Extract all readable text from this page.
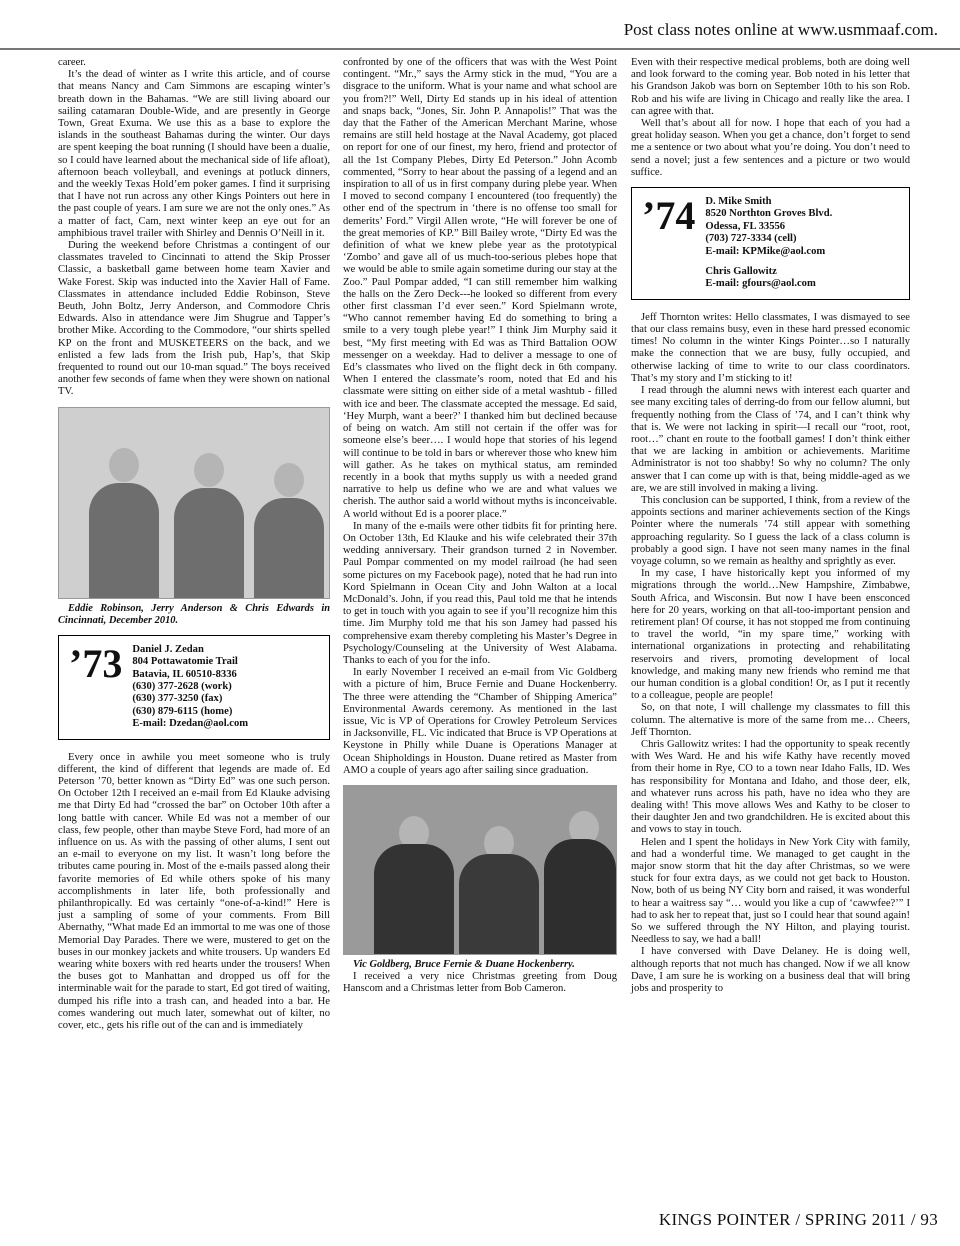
Post class notes online at www.usmmaaf.com.

career.

It’s the dead of winter as I write this article, and of course that means Nancy and Cam Simmons are escaping winter’s breath down in the Bahamas. “We are still living aboard our sailing catamaran Double-Wide, and are presently in George Town, Great Exuma. We use this as a base to explore the islands in the southeast Bahamas during the winter. Our days are spent keeping the boat running (I should have been a dualie, so I could have learned about the mechanical side of life afloat), afternoon beach volleyball, and evenings at potluck dinners, and the weekly Texas Hold’em poker games. I find it surprising that I have not run across any other Kings Pointers out here in the past couple of years. I am sure we are not the only ones.” As a matter of fact, Cam, next winter keep an eye out for an amphibious travel trailer with Shirley and Dennis O’Neill in it.

During the weekend before Christmas a contingent of our classmates traveled to Cincinnati to attend the Skip Prosser Classic, a basketball game between home team Xavier and Wake Forest. Skip was inducted into the Xavier Hall of Fame. Classmates in attendance included Eddie Robinson, Steve Beuth, John Boltz, Jerry Anderson, and Commodore Chris Edwards. Also in attendance were Jim Shugrue and Tapper’s brother Mike. According to the Commodore, “our shirts spelled KP on the front and MUSKETEERS on the back, and we enlisted a few lads from the Irish pub, Hap’s, that Skip frequented to round out our 10-man squad.” The boys received another few seconds of fame when they were shown on national TV.

Eddie Robinson, Jerry Anderson & Chris Edwards in Cincinnati, December 2010.

’73 Daniel J. Zedan
804 Pottawatomie Trail
Batavia, IL 60510-8336
(630) 377-2628 (work)
(630) 377-3250 (fax)
(630) 879-6115 (home)
E-mail: Dzedan@aol.com

Every once in awhile you meet someone who is truly different, the kind of different that legends are made of. Ed Peterson ’70, better known as “Dirty Ed” was one such person. On October 12th I received an e-mail from Ed Klauke advising me that Dirty Ed had “crossed the bar” on October 10th after a long battle with cancer. While Ed was not a member of our class, few people, other than maybe Steve Ford, had more of an influence on us. As with the passing of other alums, I sent out an e-mail to everyone on my list. It wasn’t long before the tributes came pouring in. Most of the e-mails passed along their favorite memories of Ed while others spoke of his many accomplishments in later life, both professionally and philanthropically. Ed was certainly “one-of-a-kind!” Here is just a sampling of some of your comments. From Bill Abernathy, “What made Ed an immortal to me was one of those Memorial Day Parades. There we were, mustered to get on the buses in our monkey jackets and white trousers. Up wanders Ed wearing white boxers with red hearts under the trousers! When the buses got to Manhattan and dropped us off for the interminable wait for the parade to start, Ed got tired of waiting, dumped his rifle into a trash can, and headed into a bar. He comes wandering out much later, somewhat out of kilter, no cover, etc., gets his rifle out of the can and is immediately

confronted by one of the officers that was with the West Point contingent. “Mr.,” says the Army stick in the mud, “You are a disgrace to the uniform. What is your name and what school are you from?!” Well, Dirty Ed stands up in his ideal of attention and snaps back, “Jones, Sir. John P. Annapolis!” That was the day that the Father of the American Merchant Marine, whose remains are still held hostage at the Naval Academy, got placed on report for one of our finest, my hero, friend and protector of all the 1st Company Plebes, Dirty Ed Peterson.” John Acomb commented, “Sorry to hear about the passing of a legend and an inspiration to all of us in first company during plebe year. When I moved to second company I encountered (too frequently) the other end of the spectrum in ‘there is no offense too small for demerits’ Ford.” Virgil Allen wrote, “He will forever be one of the great memories of KP.” Bill Bailey wrote, “Dirty Ed was the definition of what we knew plebe year as the prototypical ‘Zombo’ and gave all of us much-too-serious plebes hope that we would be able to smile again sometime during our stay at the Zoo.” Paul Pompar added, “I can still remember him walking the halls on the Zero Deck---he looked so different from every other first classman I’d ever seen.” Kord Spielmann wrote, “Who cannot remember having Ed do something to bring a smile to a very tough plebe year!” I think Jim Murphy said it best, “My first meeting with Ed was as Third Battalion OOW messenger on a weekday. Had to deliver a message to one of Ed’s classmates who lived on the flight deck in 6th company. When I entered the classmate’s room, noted that Ed and his classmate were sitting on either side of a metal washtub - filled with ice and beer. The classmate accepted the message. Ed said, ‘Hey Murph, want a beer?’ I thanked him but declined because of being on watch. Am still not certain if the offer was for someone else’s beer…. I would hope that stories of his legend will continue to be told in bars or wherever those who knew him will gather. As he takes on mythical status, am reminded recently in a book that myths supply us with a needed grand narrative to help us define who we are and what values we cherish. The author said a world without myths is inconceivable. A world without Ed is a poorer place.”

In many of the e-mails were other tidbits fit for printing here. On October 13th, Ed Klauke and his wife celebrated their 37th wedding anniversary. Their grandson turned 2 in November. Paul Pompar commented on my model railroad (he had seen some pictures on my Facebook page), noted that he had run into Kord Spielmann in Ocean City and John Walton at a local McDonald’s. John, if you read this, Paul told me that he intends to get in touch with you again to see if you’ll recognize him this time. Jim Murphy told me that his son Jamey had passed his comprehensive exam thereby completing his Master’s Degree in Psychology/Counseling at the University of West Alabama. Thanks to each of you for the info.

In early November I received an e-mail from Vic Goldberg with a picture of him, Bruce Fernie and Duane Hockenberry. The three were attending the “Chamber of Shipping America” Environmental Awards ceremony. As mentioned in the last issue, Vic is VP of Operations for Crowley Petroleum Services in Jacksonville, FL. Vic indicated that Bruce is VP Operations at Keystone in Philly while Duane is Operations Manager at Ocean Shipholdings in Houston. Duane retired as Master from AMO a couple of years ago after sailing since graduation.

Vic Goldberg, Bruce Fernie & Duane Hockenberry.

I received a very nice Christmas greeting from Doug Hanscom and a Christmas letter from Bob Cameron.

Even with their respective medical problems, both are doing well and look forward to the coming year. Bob noted in his letter that his Grandson Jakob was born on September 10th to his son Rob. Rob and his wife are living in Chicago and really like the area. I can agree with that.

Well that’s about all for now. I hope that each of you had a great holiday season. When you get a chance, don’t forget to send me a sentence or two about what you’re doing. You don’t need to send a novel; just a few sentences and a picture or two would suffice.

’74 D. Mike Smith
8520 Northton Groves Blvd.
Odessa, FL 33556
(703) 727-3334 (cell)
E-mail: KPMike@aol.com
Chris Gallowitz
E-mail: gfours@aol.com

Jeff Thornton writes: Hello classmates, I was dismayed to see that our class remains busy, even in these hard pressed economic times! No column in the winter Kings Pointer…so I naturally make the connection that we are busy, fully occupied, and otherwise lacking of time to write to our class coordinators. That’s my story and I’m sticking to it!

I read through the alumni news with interest each quarter and see many exciting tales of derring-do from our fellow alumni, but frequently nothing from the Class of ’74, and I can’t think why that is. We were not lacking in spirit—I recall our “root, root, root…” chant en route to the football games! I don’t think either that we are lacking in ambition or achievements. Maritime Administrator is not too shabby! So why no column? The only answer that I can come up with is that, being middle-aged as we are, we are still involved in making a living.

This conclusion can be supported, I think, from a review of the appoints sections and mariner achievements section of the Kings Pointer where the numerals ’74 still appear with something approaching regularity. So I guess the lack of a class column is probably a good sign. I have not seen many names in the final voyage column, so we remain as healthy and sprightly as ever.

In my case, I have historically kept you informed of my migrations through the world…New Hampshire, Zimbabwe, South Africa, and Wisconsin. But now I have been ensconced here for 20 years, working on that all-too-important pension and retirement plan! Of course, it has not stopped me from continuing to travel the world, “in my spare time,” working with international organizations in protecting and rehabilitating reservoirs and rivers, promoting development of local knowledge, and making many new friends who remind me that our human condition is a global condition! Or, as I put it recently to a colleague, people are people!

So, on that note, I will challenge my classmates to fill this column. The alternative is more of the same from me… Cheers, Jeff Thornton.

Chris Gallowitz writes: I had the opportunity to speak recently with Wes Ward. He and his wife Kathy have recently moved from their home in Rye, CO to a town near Idaho Falls, ID. Wes has responsibility for Montana and Idaho, and those deer, elk, and whatever runs across his path, have no idea who they are dealing with! This move allows Wes and Kathy to be closer to their daughter Jen and two grandchildren. He is excited about this and vows to stay in touch.

Helen and I spent the holidays in New York City with family, and had a wonderful time. We managed to get caught in the major snow storm that hit the day after Christmas, so we were stuck for four extra days, as we could not get back to Houston. Now, both of us being NY City born and raised, it was wonderful to hear a waitress say “… would you like a cup of ‘cawwfee?’” I had to ask her to repeat that, just so I could hear that sound again! So we suffered through the NY Hilton, and playing tourist. Needless to say, we had a ball!

I have conversed with Dave Delaney. He is doing well, although reports that not much has changed. Now if we all know Dave, I am sure he is working on a business deal that will bring jobs and prosperity to

KINGS POINTER / SPRING 2011 / 93
